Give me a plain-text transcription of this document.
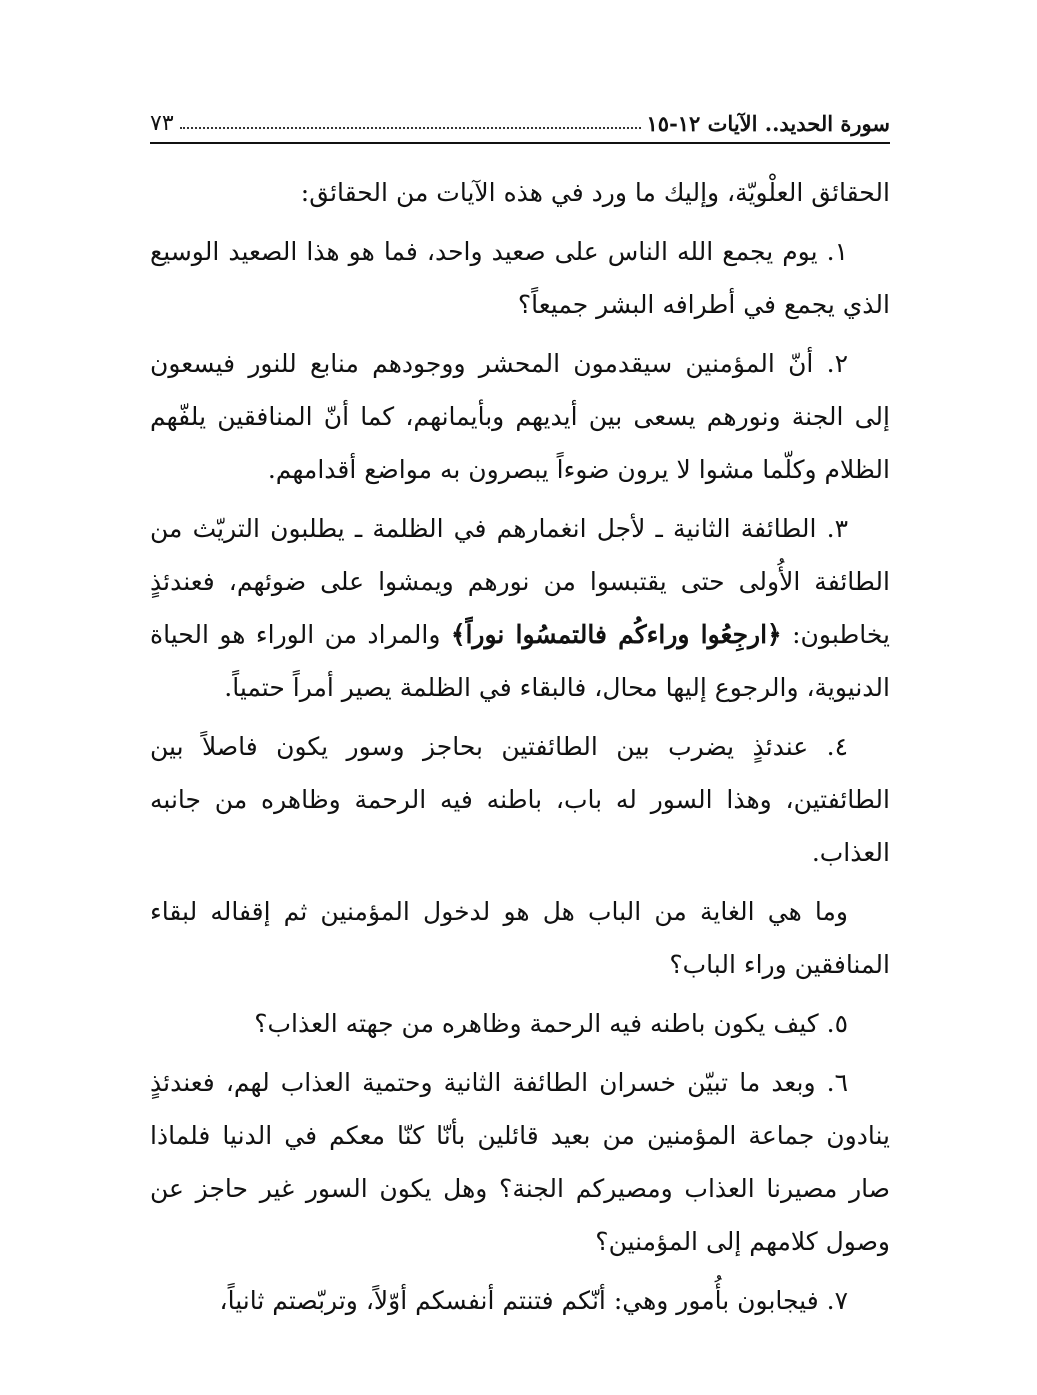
سورة الحديد.. الآيات ١٢-١٥
٧٣

الحقائق العلْويّة، وإليك ما ورد في هذه الآيات من الحقائق:

١. يوم يجمع الله الناس على صعيد واحد، فما هو هذا الصعيد الوسيع الذي يجمع في أطرافه البشر جميعاً؟

٢. أنّ المؤمنين سيقدمون المحشر ووجودهم منابع للنور فيسعون إلى الجنة ونورهم يسعى بين أيديهم وبأيمانهم، كما أنّ المنافقين يلفّهم الظلام وكلّما مشوا لا يرون ضوءاً يبصرون به مواضع أقدامهم.

٣. الطائفة الثانية ـ لأجل انغمارهم في الظلمة ـ يطلبون التريّث من الطائفة الأُولى حتى يقتبسوا من نورهم ويمشوا على ضوئهم، فعندئذٍ يخاطبون: ﴿ارجِعُوا وراءكُم فالتمسُوا نوراً﴾ والمراد من الوراء هو الحياة الدنيوية، والرجوع إليها محال، فالبقاء في الظلمة يصير أمراً حتمياً.

٤. عندئذٍ يضرب بين الطائفتين بحاجز وسور يكون فاصلاً بين الطائفتين، وهذا السور له باب، باطنه فيه الرحمة وظاهره من جانبه العذاب.

وما هي الغاية من الباب هل هو لدخول المؤمنين ثم إقفاله لبقاء المنافقين وراء الباب؟

٥. كيف يكون باطنه فيه الرحمة وظاهره من جهته العذاب؟

٦. وبعد ما تبيّن خسران الطائفة الثانية وحتمية العذاب لهم، فعندئذٍ ينادون جماعة المؤمنين من بعيد قائلين بأنّا كنّا معكم في الدنيا فلماذا صار مصيرنا العذاب ومصيركم الجنة؟ وهل يكون السور غير حاجز عن وصول كلامهم إلى المؤمنين؟

٧. فيجابون بأُمور وهي: أنّكم فتنتم أنفسكم أوّلاً، وتربّصتم ثانياً،
